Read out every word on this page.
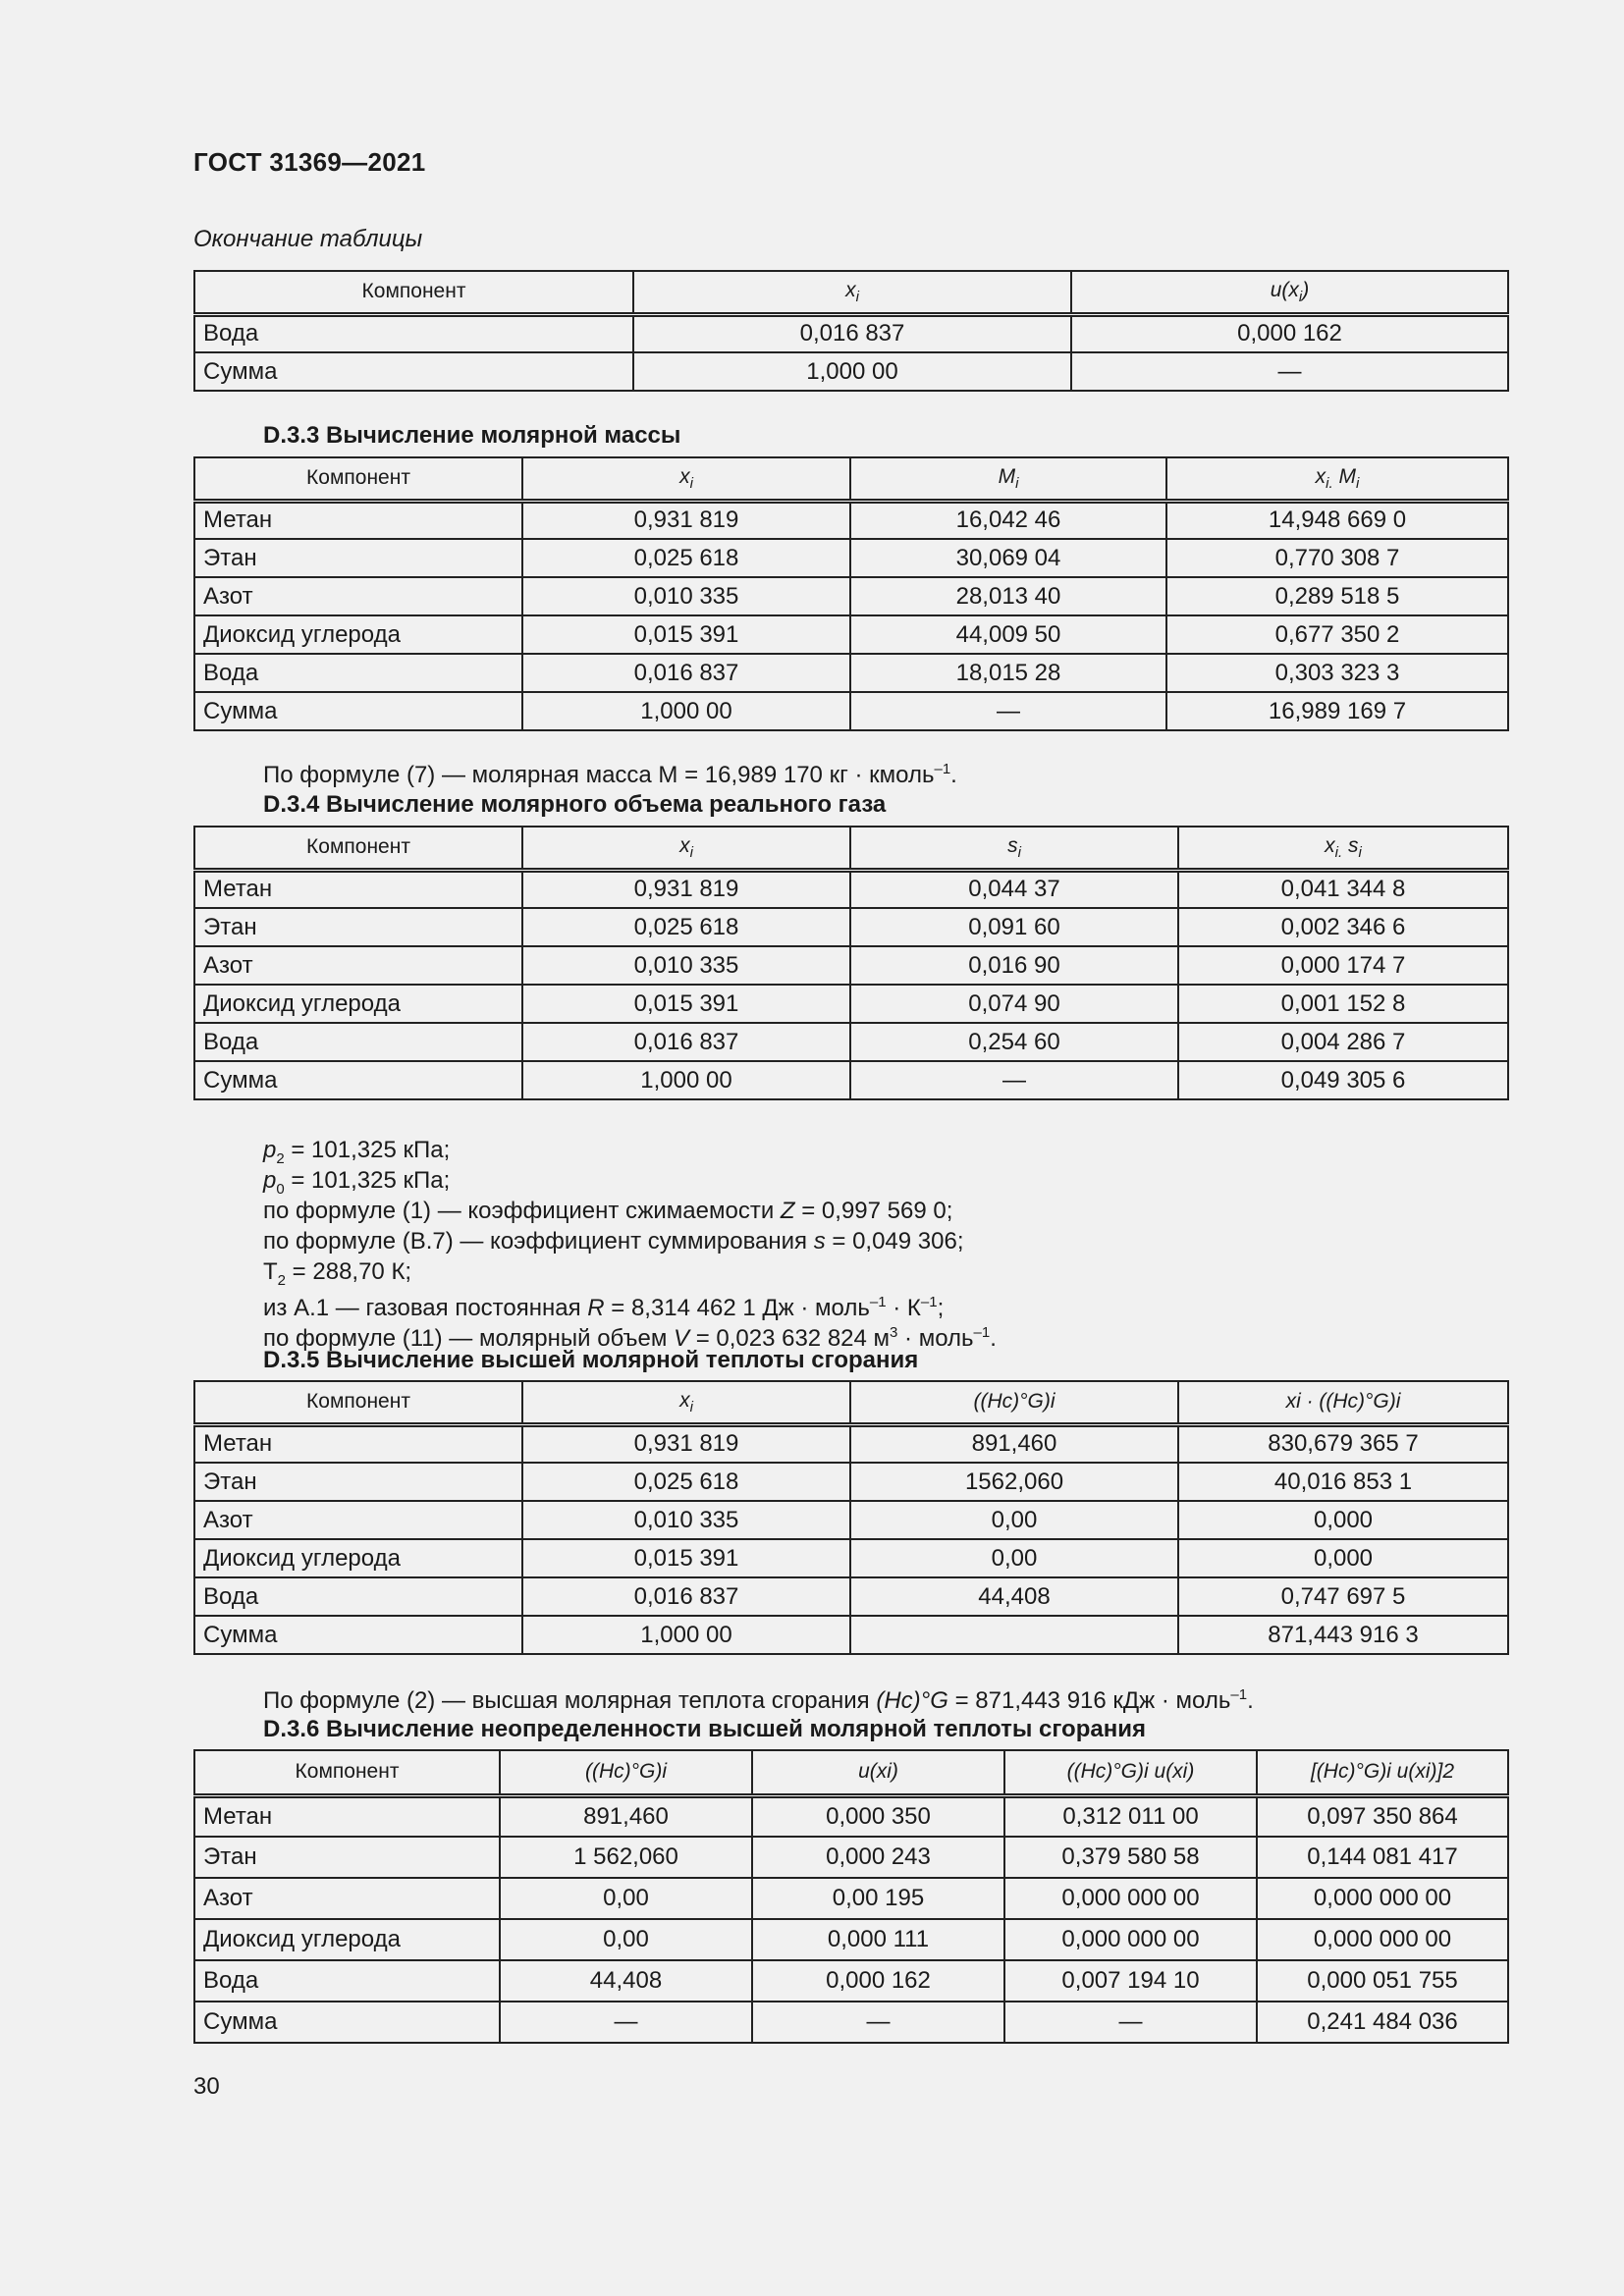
ГОСТ 31369—2021
Окончание таблицы
Компонент	$x_i$	$u(x_i)$
Вода	0,016 837	0,000 162
Сумма	1,000 00	—
D.3.3 Вычисление молярной массы
Компонент	$x_i$	$M_i$	$x_{i.}$ $M_i$
Метан	0,931 819	16,042 46	14,948 669 0
Этан	0,025 618	30,069 04	0,770 308 7
Азот	0,010 335	28,013 40	0,289 518 5
Диоксид углерода	0,015 391	44,009 50	0,677 350 2
Вода	0,016 837	18,015 28	0,303 323 3
Сумма	1,000 00	—	16,989 169 7
По формуле (7) — молярная масса М = 16,989 170 кг · кмоль$^{-1}$.
D.3.4 Вычисление молярного объема реального газа
Компонент	$x_i$	$s_i$	$x_{i.}$ $s_i$
Метан	0,931 819	0,044 37	0,041 344 8
Этан	0,025 618	0,091 60	0,002 346 6
Азот	0,010 335	0,016 90	0,000 174 7
Диоксид углерода	0,015 391	0,074 90	0,001 152 8
Вода	0,016 837	0,254 60	0,004 286 7
Сумма	1,000 00	—	0,049 305 6
$p_2 = 101,325$ кПа;
$p_0 = 101,325$ кПа;
по формуле (1) — коэффициент сжимаемости Z = 0,997 569 0;
по формуле (В.7) — коэффициент суммирования s = 0,049 306;
$T_2 = 288,70$ К;
из А.1 — газовая постоянная R = 8,314 462 1 Дж · моль$^{-1}$ · $К^{-1}$;
по формуле (11) — молярный объем V = 0,023 632 824 $м^3$ · моль$^{-1}$.
D.3.5 Вычисление высшей молярной теплоты сгорания
Компонент	$x_i$	((Hc)°G)i	xi · ((Hc)°G)i
Метан	0,931 819	891,460	830,679 365 7
Этан	0,025 618	1562,060	40,016 853 1
Азот	0,010 335	0,00	0,000
Диоксид углерода	0,015 391	0,00	0,000
Вода	0,016 837	44,408	0,747 697 5
Сумма	1,000 00		871,443 916 3
По формуле (2) — высшая молярная теплота сгорания (Hc)°G = 871,443 916 кДж · моль$^{-1}$.
D.3.6 Вычисление неопределенности высшей молярной теплоты сгорания
Компонент	((Hc)°G)i	u(xi)	((Hc)°G)i u(xi)	[(Hc)°G)i u(xi)]2
Метан	891,460	0,000 350	0,312 011 00	0,097 350 864
Этан	1 562,060	0,000 243	0,379 580 58	0,144 081 417
Азот	0,00	0,00 195	0,000 000 00	0,000 000 00
Диоксид углерода	0,00	0,000 111	0,000 000 00	0,000 000 00
Вода	44,408	0,000 162	0,007 194 10	0,000 051 755
Сумма	—	—	—	0,241 484 036
30
